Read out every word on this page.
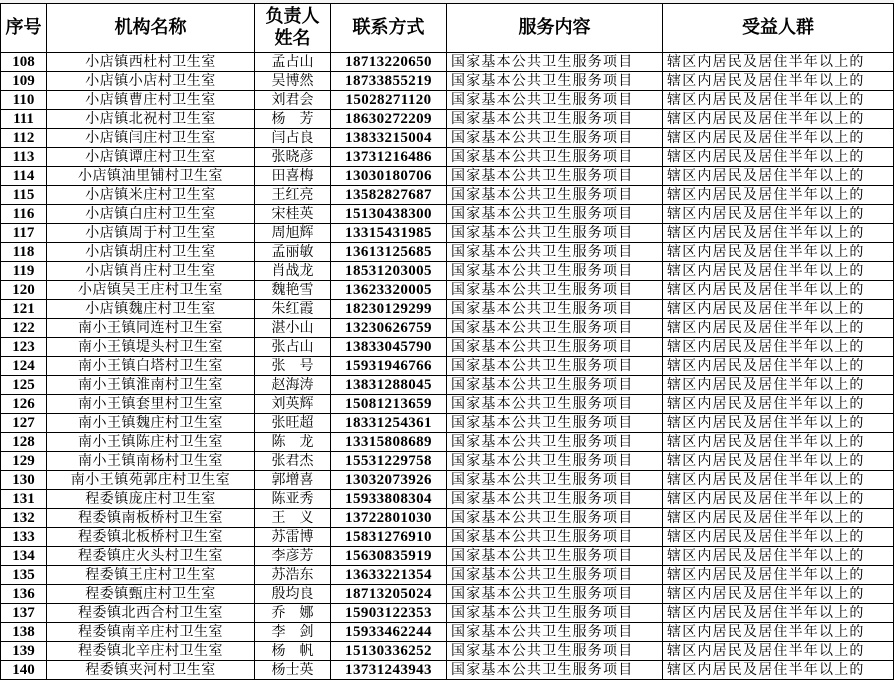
序号	机构名称	负责人姓名	联系方式	服务内容	受益人群
108	小店镇西杜村卫生室	孟占山	18713220650	国家基本公共卫生服务项目	辖区内居民及居住半年以上的
109	小店镇小店村卫生室	吴博然	18733855219	国家基本公共卫生服务项目	辖区内居民及居住半年以上的
110	小店镇曹庄村卫生室	刘君会	15028271120	国家基本公共卫生服务项目	辖区内居民及居住半年以上的
111	小店镇北祝村卫生室	杨　芳	18630272209	国家基本公共卫生服务项目	辖区内居民及居住半年以上的
112	小店镇闫庄村卫生室	闫占良	13833215004	国家基本公共卫生服务项目	辖区内居民及居住半年以上的
113	小店镇谭庄村卫生室	张晓彦	13731216486	国家基本公共卫生服务项目	辖区内居民及居住半年以上的
114	小店镇油里铺村卫生室	田喜梅	13030180706	国家基本公共卫生服务项目	辖区内居民及居住半年以上的
115	小店镇米庄村卫生室	王红亮	13582827687	国家基本公共卫生服务项目	辖区内居民及居住半年以上的
116	小店镇白庄村卫生室	宋桂英	15130438300	国家基本公共卫生服务项目	辖区内居民及居住半年以上的
117	小店镇周于村卫生室	周旭辉	13315431985	国家基本公共卫生服务项目	辖区内居民及居住半年以上的
118	小店镇胡庄村卫生室	孟丽敏	13613125685	国家基本公共卫生服务项目	辖区内居民及居住半年以上的
119	小店镇肖庄村卫生室	肖战龙	18531203005	国家基本公共卫生服务项目	辖区内居民及居住半年以上的
120	小店镇吴王庄村卫生室	魏艳雪	13623320005	国家基本公共卫生服务项目	辖区内居民及居住半年以上的
121	小店镇魏庄村卫生室	朱红霞	18230129299	国家基本公共卫生服务项目	辖区内居民及居住半年以上的
122	南小王镇同连村卫生室	湛小山	13230626759	国家基本公共卫生服务项目	辖区内居民及居住半年以上的
123	南小王镇堤头村卫生室	张占山	13833045790	国家基本公共卫生服务项目	辖区内居民及居住半年以上的
124	南小王镇白塔村卫生室	张　号	15931946766	国家基本公共卫生服务项目	辖区内居民及居住半年以上的
125	南小王镇淮南村卫生室	赵海涛	13831288045	国家基本公共卫生服务项目	辖区内居民及居住半年以上的
126	南小王镇套里村卫生室	刘英辉	15081213659	国家基本公共卫生服务项目	辖区内居民及居住半年以上的
127	南小王镇魏庄村卫生室	张旺超	18331254361	国家基本公共卫生服务项目	辖区内居民及居住半年以上的
128	南小王镇陈庄村卫生室	陈　龙	13315808689	国家基本公共卫生服务项目	辖区内居民及居住半年以上的
129	南小王镇南杨村卫生室	张君杰	15531229758	国家基本公共卫生服务项目	辖区内居民及居住半年以上的
130	南小王镇苑郭庄村卫生室	郭增喜	13032073926	国家基本公共卫生服务项目	辖区内居民及居住半年以上的
131	程委镇庞庄村卫生室	陈亚秀	15933808304	国家基本公共卫生服务项目	辖区内居民及居住半年以上的
132	程委镇南板桥村卫生室	王　义	13722801030	国家基本公共卫生服务项目	辖区内居民及居住半年以上的
133	程委镇北板桥村卫生室	苏雷博	15831276910	国家基本公共卫生服务项目	辖区内居民及居住半年以上的
134	程委镇庄火头村卫生室	李彦芳	15630835919	国家基本公共卫生服务项目	辖区内居民及居住半年以上的
135	程委镇王庄村卫生室	苏浩东	13633221354	国家基本公共卫生服务项目	辖区内居民及居住半年以上的
136	程委镇甄庄村卫生室	殷均良	18713205024	国家基本公共卫生服务项目	辖区内居民及居住半年以上的
137	程委镇北西合村卫生室	乔　娜	15903122353	国家基本公共卫生服务项目	辖区内居民及居住半年以上的
138	程委镇南辛庄村卫生室	李　剑	15933462244	国家基本公共卫生服务项目	辖区内居民及居住半年以上的
139	程委镇北辛庄村卫生室	杨　帆	15130336252	国家基本公共卫生服务项目	辖区内居民及居住半年以上的
140	程委镇夹河村卫生室	杨士英	13731243943	国家基本公共卫生服务项目	辖区内居民及居住半年以上的
